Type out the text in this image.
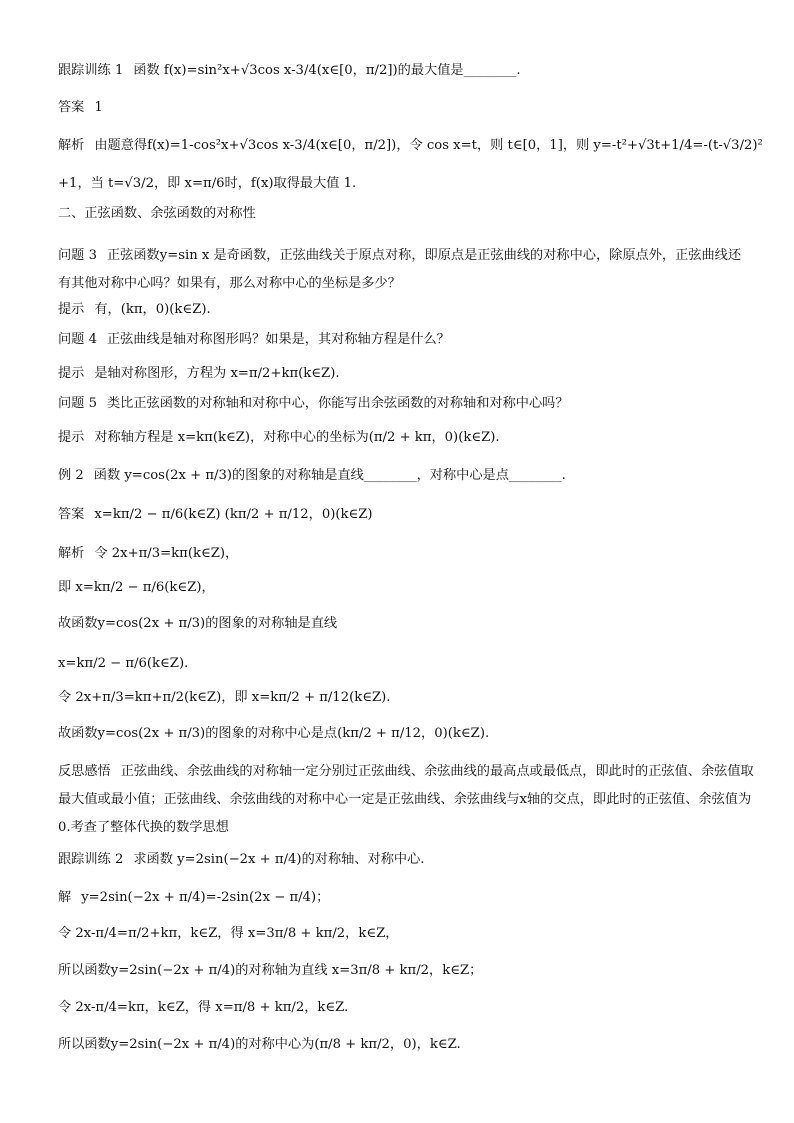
跟踪训练 1 函数 f(x)=sin²x+√3cos x-3/4(x∈[0，π/2])的最大值是________.
答案 1
解析 由题意得f(x)=1-cos²x+√3cos x-3/4(x∈[0，π/2])，令 cos x=t，则 t∈[0，1]，则 y=-t²+√3t+1/4=-(t-√3/2)²
+1，当 t=√3/2，即 x=π/6时，f(x)取得最大值 1.
二、正弦函数、余弦函数的对称性
问题 3 正弦函数y=sin x 是奇函数，正弦曲线关于原点对称，即原点是正弦曲线的对称中心，除原点外，正弦曲线还有其他对称中心吗？如果有，那么对称中心的坐标是多少？
提示 有，(kπ，0)(k∈Z).
问题 4 正弦曲线是轴对称图形吗？如果是，其对称轴方程是什么？
提示 是轴对称图形，方程为 x=π/2+kπ(k∈Z).
问题 5 类比正弦函数的对称轴和对称中心，你能写出余弦函数的对称轴和对称中心吗？
提示 对称轴方程是 x=kπ(k∈Z)，对称中心的坐标为(π/2 + kπ，0)(k∈Z).
例 2 函数 y=cos(2x + π/3)的图象的对称轴是直线________，对称中心是点________.
答案 x=kπ/2 − π/6(k∈Z) (kπ/2 + π/12，0)(k∈Z)
解析 令 2x+π/3=kπ(k∈Z)，
即 x=kπ/2 − π/6(k∈Z)，
故函数y=cos(2x + π/3)的图象的对称轴是直线
x=kπ/2 − π/6(k∈Z).
令 2x+π/3=kπ+π/2(k∈Z)，即 x=kπ/2 + π/12(k∈Z).
故函数y=cos(2x + π/3)的图象的对称中心是点(kπ/2 + π/12，0)(k∈Z).
反思感悟 正弦曲线、余弦曲线的对称轴一定分别过正弦曲线、余弦曲线的最高点或最低点，即此时的正弦值、余弦值取最大值或最小值；正弦曲线、余弦曲线的对称中心一定是正弦曲线、余弦曲线与x轴的交点，即此时的正弦值、余弦值为0.考查了整体代换的数学思想
跟踪训练 2 求函数 y=2sin(−2x + π/4)的对称轴、对称中心.
解 y=2sin(−2x + π/4)=-2sin(2x − π/4)；
令 2x-π/4=π/2+kπ，k∈Z，得 x=3π/8 + kπ/2，k∈Z，
所以函数y=2sin(−2x + π/4)的对称轴为直线 x=3π/8 + kπ/2，k∈Z；
令 2x-π/4=kπ，k∈Z，得 x=π/8 + kπ/2，k∈Z.
所以函数y=2sin(−2x + π/4)的对称中心为(π/8 + kπ/2，0)，k∈Z.
